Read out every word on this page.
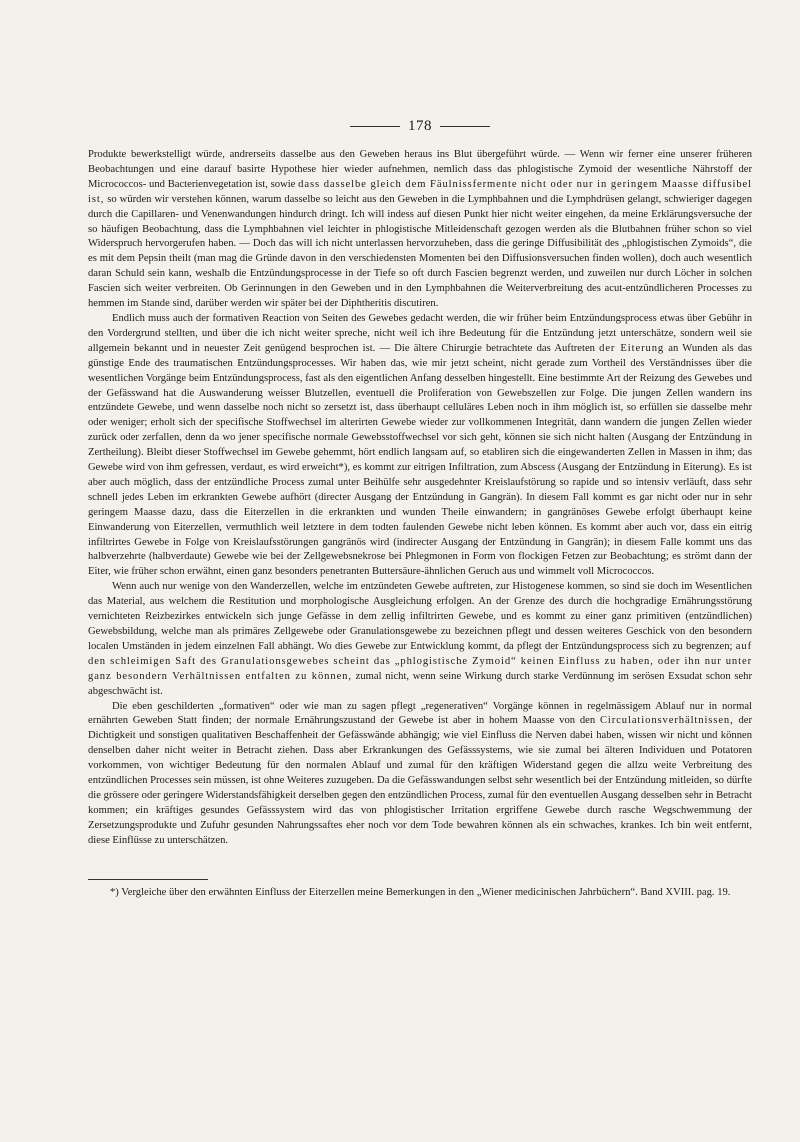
178

Produkte bewerkstelligt würde, andrerseits dasselbe aus den Geweben heraus ins Blut übergeführt würde. — Wenn wir ferner eine unserer früheren Beobachtungen und eine darauf basirte Hypothese hier wieder aufnehmen, nemlich dass das phlogistische Zymoid der wesentliche Nährstoff der Micrococcos- und Bacterienvegetation ist, sowie dass dasselbe gleich dem Fäulnissfermente nicht oder nur in geringem Maasse diffusibel ist, so würden wir verstehen können, warum dasselbe so leicht aus den Geweben in die Lymphbahnen und die Lymphdrüsen gelangt, schwieriger dagegen durch die Capillaren- und Venenwandungen hindurch dringt. Ich will indess auf diesen Punkt hier nicht weiter eingehen, da meine Erklärungsversuche der so häufigen Beobachtung, dass die Lymphbahnen viel leichter in phlogistische Mitleidenschaft gezogen werden als die Blutbahnen früher schon so viel Widerspruch hervorgerufen haben. — Doch das will ich nicht unterlassen hervorzuheben, dass die geringe Diffusibilität des „phlogistischen Zymoids“, die es mit dem Pepsin theilt (man mag die Gründe davon in den verschiedensten Momenten bei den Diffusionsversuchen finden wollen), doch auch wesentlich daran Schuld sein kann, weshalb die Entzündungsprocesse in der Tiefe so oft durch Fascien begrenzt werden, und zuweilen nur durch Löcher in solchen Fascien sich weiter verbreiten. Ob Gerinnungen in den Geweben und in den Lymphbahnen die Weiterverbreitung des acut-entzündlicheren Processes zu hemmen im Stande sind, darüber werden wir später bei der Diphtheritis discutiren.

Endlich muss auch der formativen Reaction von Seiten des Gewebes gedacht werden, die wir früher beim Entzündungsprocess etwas über Gebühr in den Vordergrund stellten, und über die ich nicht weiter spreche, nicht weil ich ihre Bedeutung für die Entzündung jetzt unterschätze, sondern weil sie allgemein bekannt und in neuester Zeit genügend besprochen ist. — Die ältere Chirurgie betrachtete das Auftreten der Eiterung an Wunden als das günstige Ende des traumatischen Entzündungsprocesses. Wir haben das, wie mir jetzt scheint, nicht gerade zum Vortheil des Verständnisses über die wesentlichen Vorgänge beim Entzündungsprocess, fast als den eigentlichen Anfang desselben hingestellt. Eine bestimmte Art der Reizung des Gewebes und der Gefässwand hat die Auswanderung weisser Blutzellen, eventuell die Proliferation von Gewebszellen zur Folge. Die jungen Zellen wandern ins entzündete Gewebe, und wenn dasselbe noch nicht so zersetzt ist, dass überhaupt celluläres Leben noch in ihm möglich ist, so erfüllen sie dasselbe mehr oder weniger; erholt sich der specifische Stoffwechsel im alterirten Gewebe wieder zur vollkommenen Integrität, dann wandern die jungen Zellen wieder zurück oder zerfallen, denn da wo jener specifische normale Gewebsstoffwechsel vor sich geht, können sie sich nicht halten (Ausgang der Entzündung in Zertheilung). Bleibt dieser Stoffwechsel im Gewebe gehemmt, hört endlich langsam auf, so etabliren sich die eingewanderten Zellen in Massen in ihm; das Gewebe wird von ihm gefressen, verdaut, es wird erweicht*), es kommt zur eitrigen Infiltration, zum Abscess (Ausgang der Entzündung in Eiterung). Es ist aber auch möglich, dass der entzündliche Process zumal unter Beihülfe sehr ausgedehnter Kreislaufstörung so rapide und so intensiv verläuft, dass sehr schnell jedes Leben im erkrankten Gewebe aufhört (directer Ausgang der Entzündung in Gangrän). In diesem Fall kommt es gar nicht oder nur in sehr geringem Maasse dazu, dass die Eiterzellen in die erkrankten und wunden Theile einwandern; in gangränöses Gewebe erfolgt überhaupt keine Einwanderung von Eiterzellen, vermuthlich weil letztere in dem todten faulenden Gewebe nicht leben können. Es kommt aber auch vor, dass ein eitrig infiltrirtes Gewebe in Folge von Kreislaufsstörungen gangränös wird (indirecter Ausgang der Entzündung in Gangrän); in diesem Falle kommt uns das halbverzehrte (halbverdaute) Gewebe wie bei der Zellgewebsnekrose bei Phlegmonen in Form von flockigen Fetzen zur Beobachtung; es strömt dann der Eiter, wie früher schon erwähnt, einen ganz besonders penetranten Buttersäure-ähnlichen Geruch aus und wimmelt voll Micrococcos.

Wenn auch nur wenige von den Wanderzellen, welche im entzündeten Gewebe auftreten, zur Histogenese kommen, so sind sie doch im Wesentlichen das Material, aus welchem die Restitution und morphologische Ausgleichung erfolgen. An der Grenze des durch die hochgradige Ernährungsstörung vernichteten Reizbezirkes entwickeln sich junge Gefässe in dem zellig infiltrirten Gewebe, und es kommt zu einer ganz primitiven (entzündlichen) Gewebsbildung, welche man als primäres Zellgewebe oder Granulationsgewebe zu bezeichnen pflegt und dessen weiteres Geschick von den besondern localen Umständen in jedem einzelnen Fall abhängt. Wo dies Gewebe zur Entwicklung kommt, da pflegt der Entzündungsprocess sich zu begrenzen; auf den schleimigen Saft des Granulationsgewebes scheint das „phlogistische Zymoid“ keinen Einfluss zu haben, oder ihn nur unter ganz besondern Verhältnissen entfalten zu können, zumal nicht, wenn seine Wirkung durch starke Verdünnung im serösen Exsudat schon sehr abgeschwächt ist.

Die eben geschilderten „formativen“ oder wie man zu sagen pflegt „regenerativen“ Vorgänge können in regelmässigem Ablauf nur in normal ernährten Geweben Statt finden; der normale Ernährungszustand der Gewebe ist aber in hohem Maasse von den Circulationsverhältnissen, der Dichtigkeit und sonstigen qualitativen Beschaffenheit der Gefässwände abhängig; wie viel Einfluss die Nerven dabei haben, wissen wir nicht und können denselben daher nicht weiter in Betracht ziehen. Dass aber Erkrankungen des Gefässsystems, wie sie zumal bei älteren Individuen und Potatoren vorkommen, von wichtiger Bedeutung für den normalen Ablauf und zumal für den kräftigen Widerstand gegen die allzu weite Verbreitung des entzündlichen Processes sein müssen, ist ohne Weiteres zuzugeben. Da die Gefässwandungen selbst sehr wesentlich bei der Entzündung mitleiden, so dürfte die grössere oder geringere Widerstandsfähigkeit derselben gegen den entzündlichen Process, zumal für den eventuellen Ausgang desselben sehr in Betracht kommen; ein kräftiges gesundes Gefässsystem wird das von phlogistischer Irritation ergriffene Gewebe durch rasche Wegschwemmung der Zersetzungsprodukte und Zufuhr gesunden Nahrungssaftes eher noch vor dem Tode bewahren können als ein schwaches, krankes. Ich bin weit entfernt, diese Einflüsse zu unterschätzen.

*) Vergleiche über den erwähnten Einfluss der Eiterzellen meine Bemerkungen in den „Wiener medicinischen Jahrbüchern“. Band XVIII. pag. 19.
